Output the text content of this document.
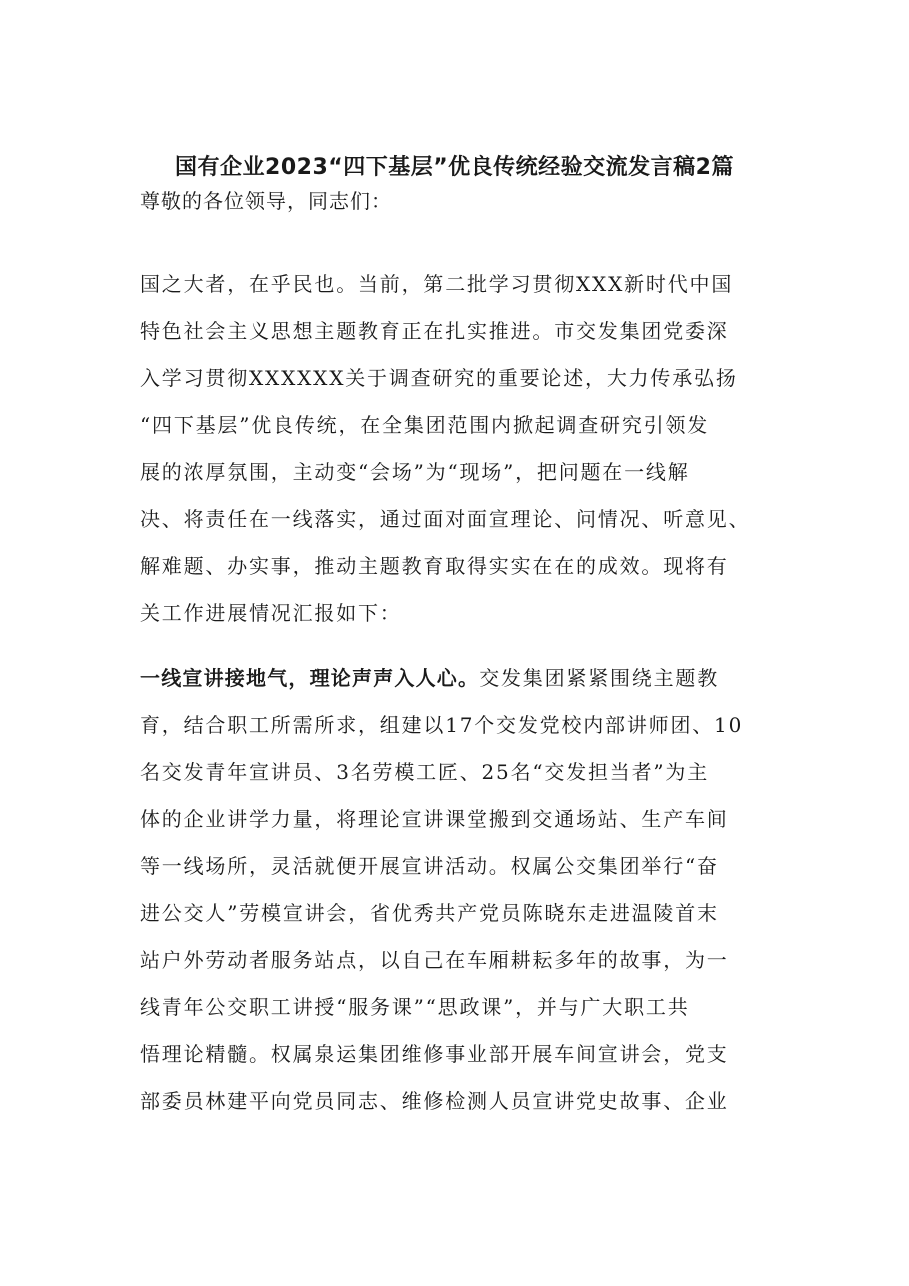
国有企业2023“四下基层”优良传统经验交流发言稿2篇

尊敬的各位领导，同志们：

国之大者，在乎民也。当前，第二批学习贯彻XXX新时代中国
特色社会主义思想主题教育正在扎实推进。市交发集团党委深
入学习贯彻XXXXXX关于调查研究的重要论述，大力传承弘扬
“四下基层”优良传统，在全集团范围内掀起调查研究引领发
展的浓厚氛围，主动变“会场”为“现场”，把问题在一线解
决、将责任在一线落实，通过面对面宣理论、问情况、听意见、
解难题、办实事，推动主题教育取得实实在在的成效。现将有
关工作进展情况汇报如下：
一线宣讲接地气，理论声声入人心。交发集团紧紧围绕主题教
育，结合职工所需所求，组建以17个交发党校内部讲师团、10
名交发青年宣讲员、3名劳模工匠、25名“交发担当者”为主
体的企业讲学力量，将理论宣讲课堂搬到交通场站、生产车间
等一线场所，灵活就便开展宣讲活动。权属公交集团举行“奋
进公交人”劳模宣讲会，省优秀共产党员陈晓东走进温陵首末
站户外劳动者服务站点，以自己在车厢耕耘多年的故事，为一
线青年公交职工讲授“服务课”“思政课”，并与广大职工共
悟理论精髓。权属泉运集团维修事业部开展车间宣讲会，党支
部委员林建平向党员同志、维修检测人员宣讲党史故事、企业
